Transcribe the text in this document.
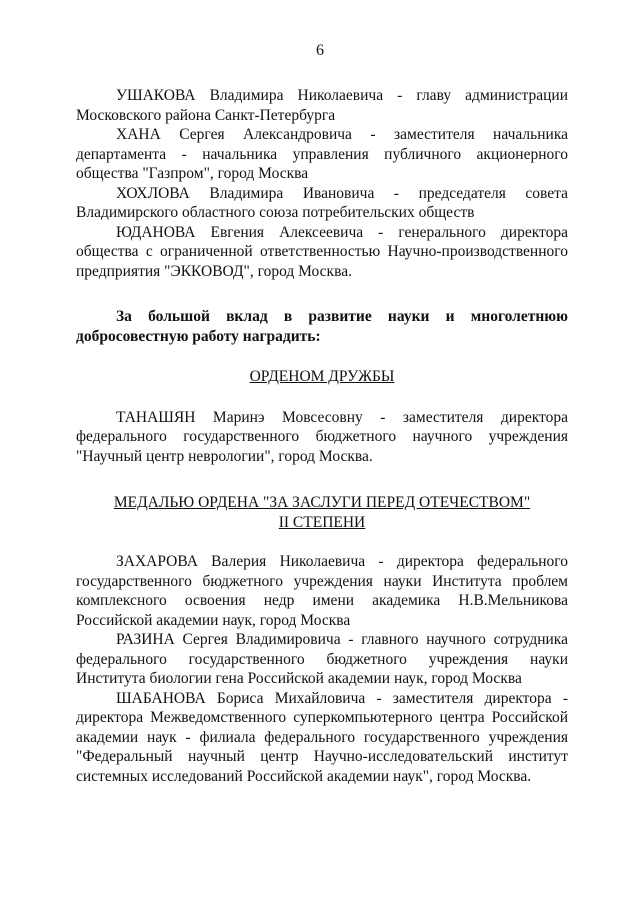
6

УШАКОВА Владимира Николаевича - главу администрации Московского района Санкт-Петербурга

ХАНА Сергея Александровича - заместителя начальника департамента - начальника управления публичного акционерного общества "Газпром", город Москва

ХОХЛОВА Владимира Ивановича - председателя совета Владимирского областного союза потребительских обществ

ЮДАНОВА Евгения Алексеевича - генерального директора общества с ограниченной ответственностью Научно-производственного предприятия "ЭККОВОД", город Москва.

За большой вклад в развитие науки и многолетнюю добросовестную работу наградить:

ОРДЕНОМ ДРУЖБЫ

ТАНАШЯН Маринэ Мовсесовну - заместителя директора федерального государственного бюджетного научного учреждения "Научный центр неврологии", город Москва.

МЕДАЛЬЮ ОРДЕНА "ЗА ЗАСЛУГИ ПЕРЕД ОТЕЧЕСТВОМ"
II СТЕПЕНИ

ЗАХАРОВА Валерия Николаевича - директора федерального государственного бюджетного учреждения науки Института проблем комплексного освоения недр имени академика Н.В.Мельникова Российской академии наук, город Москва

РАЗИНА Сергея Владимировича - главного научного сотрудника федерального государственного бюджетного учреждения науки Института биологии гена Российской академии наук, город Москва

ШАБАНОВА Бориса Михайловича - заместителя директора - директора Межведомственного суперкомпьютерного центра Российской академии наук - филиала федерального государственного учреждения "Федеральный научный центр Научно-исследовательский институт системных исследований Российской академии наук", город Москва.
